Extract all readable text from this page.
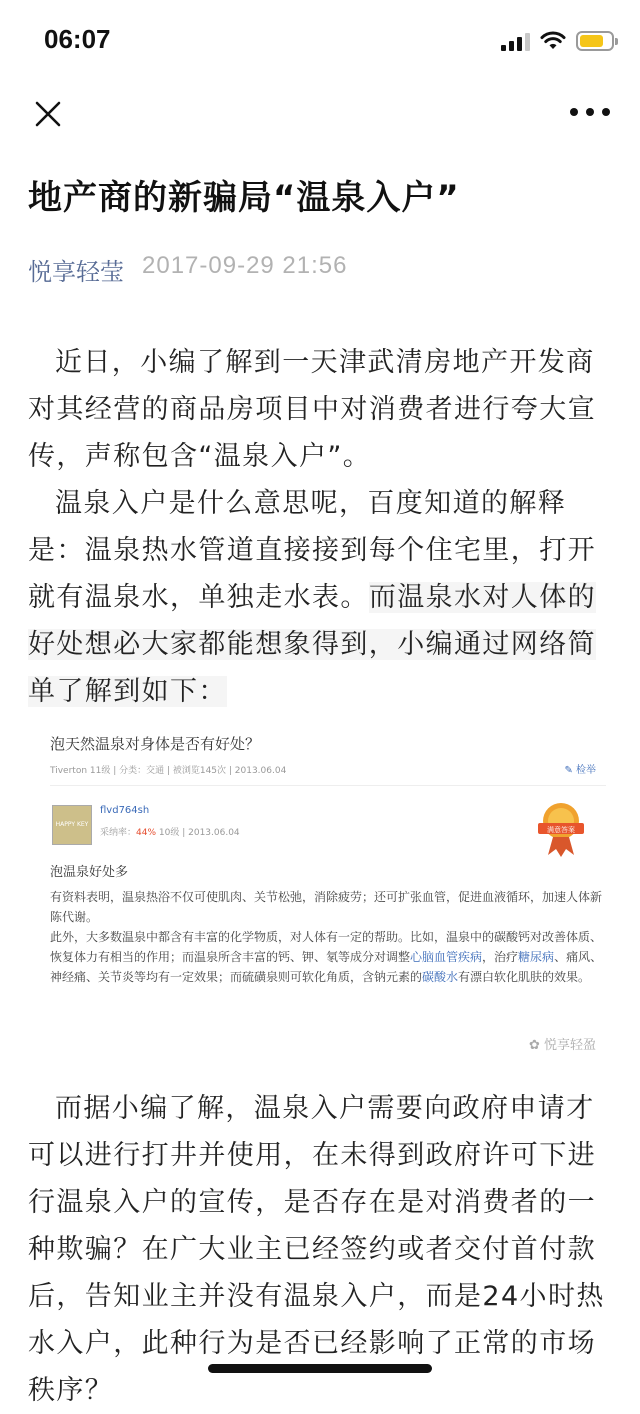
06:07
地产商的新骗局“温泉入户”
悦享轻莹 2017-09-29 21:56

近日，小编了解到一天津武清房地产开发商对其经营的商品房项目中对消费者进行夸大宣传，声称包含“温泉入户”。

温泉入户是什么意思呢，百度知道的解释是：温泉热水管道直接接到每个住宅里，打开就有温泉水，单独走水表。而温泉水对人体的好处想必大家都能想象得到，小编通过网络简单了解到如下：

泡天然温泉对身体是否有好处？
Tiverton 11级 | 分类：交通 | 被浏览145次 | 2013.06.04	✎ 检举
HAPPY KEY
flvd764sh
采纳率：44% 10级 | 2013.06.04	满意答案

泡温泉好处多

有资料表明，温泉热浴不仅可使肌肉、关节松弛，消除疲劳；还可扩张血管，促进血液循环，加速人体新陈代谢。

此外，大多数温泉中都含有丰富的化学物质，对人体有一定的帮助。比如，温泉中的碳酸钙对改善体质、恢复体力有相当的作用；而温泉所含丰富的钙、钾、氡等成分对调整心脑血管疾病，治疗糖尿病、痛风、神经痛、关节炎等均有一定效果；而硫磺泉则可软化角质，含钠元素的碳酸水有漂白软化肌肤的效果。

✿ 悦享轻盈

而据小编了解，温泉入户需要向政府申请才可以进行打井并使用，在未得到政府许可下进行温泉入户的宣传，是否存在是对消费者的一种欺骗？在广大业主已经签约或者交付首付款后，告知业主并没有温泉入户，而是24小时热水入户，此种行为是否已经影响了正常的市场秩序？
